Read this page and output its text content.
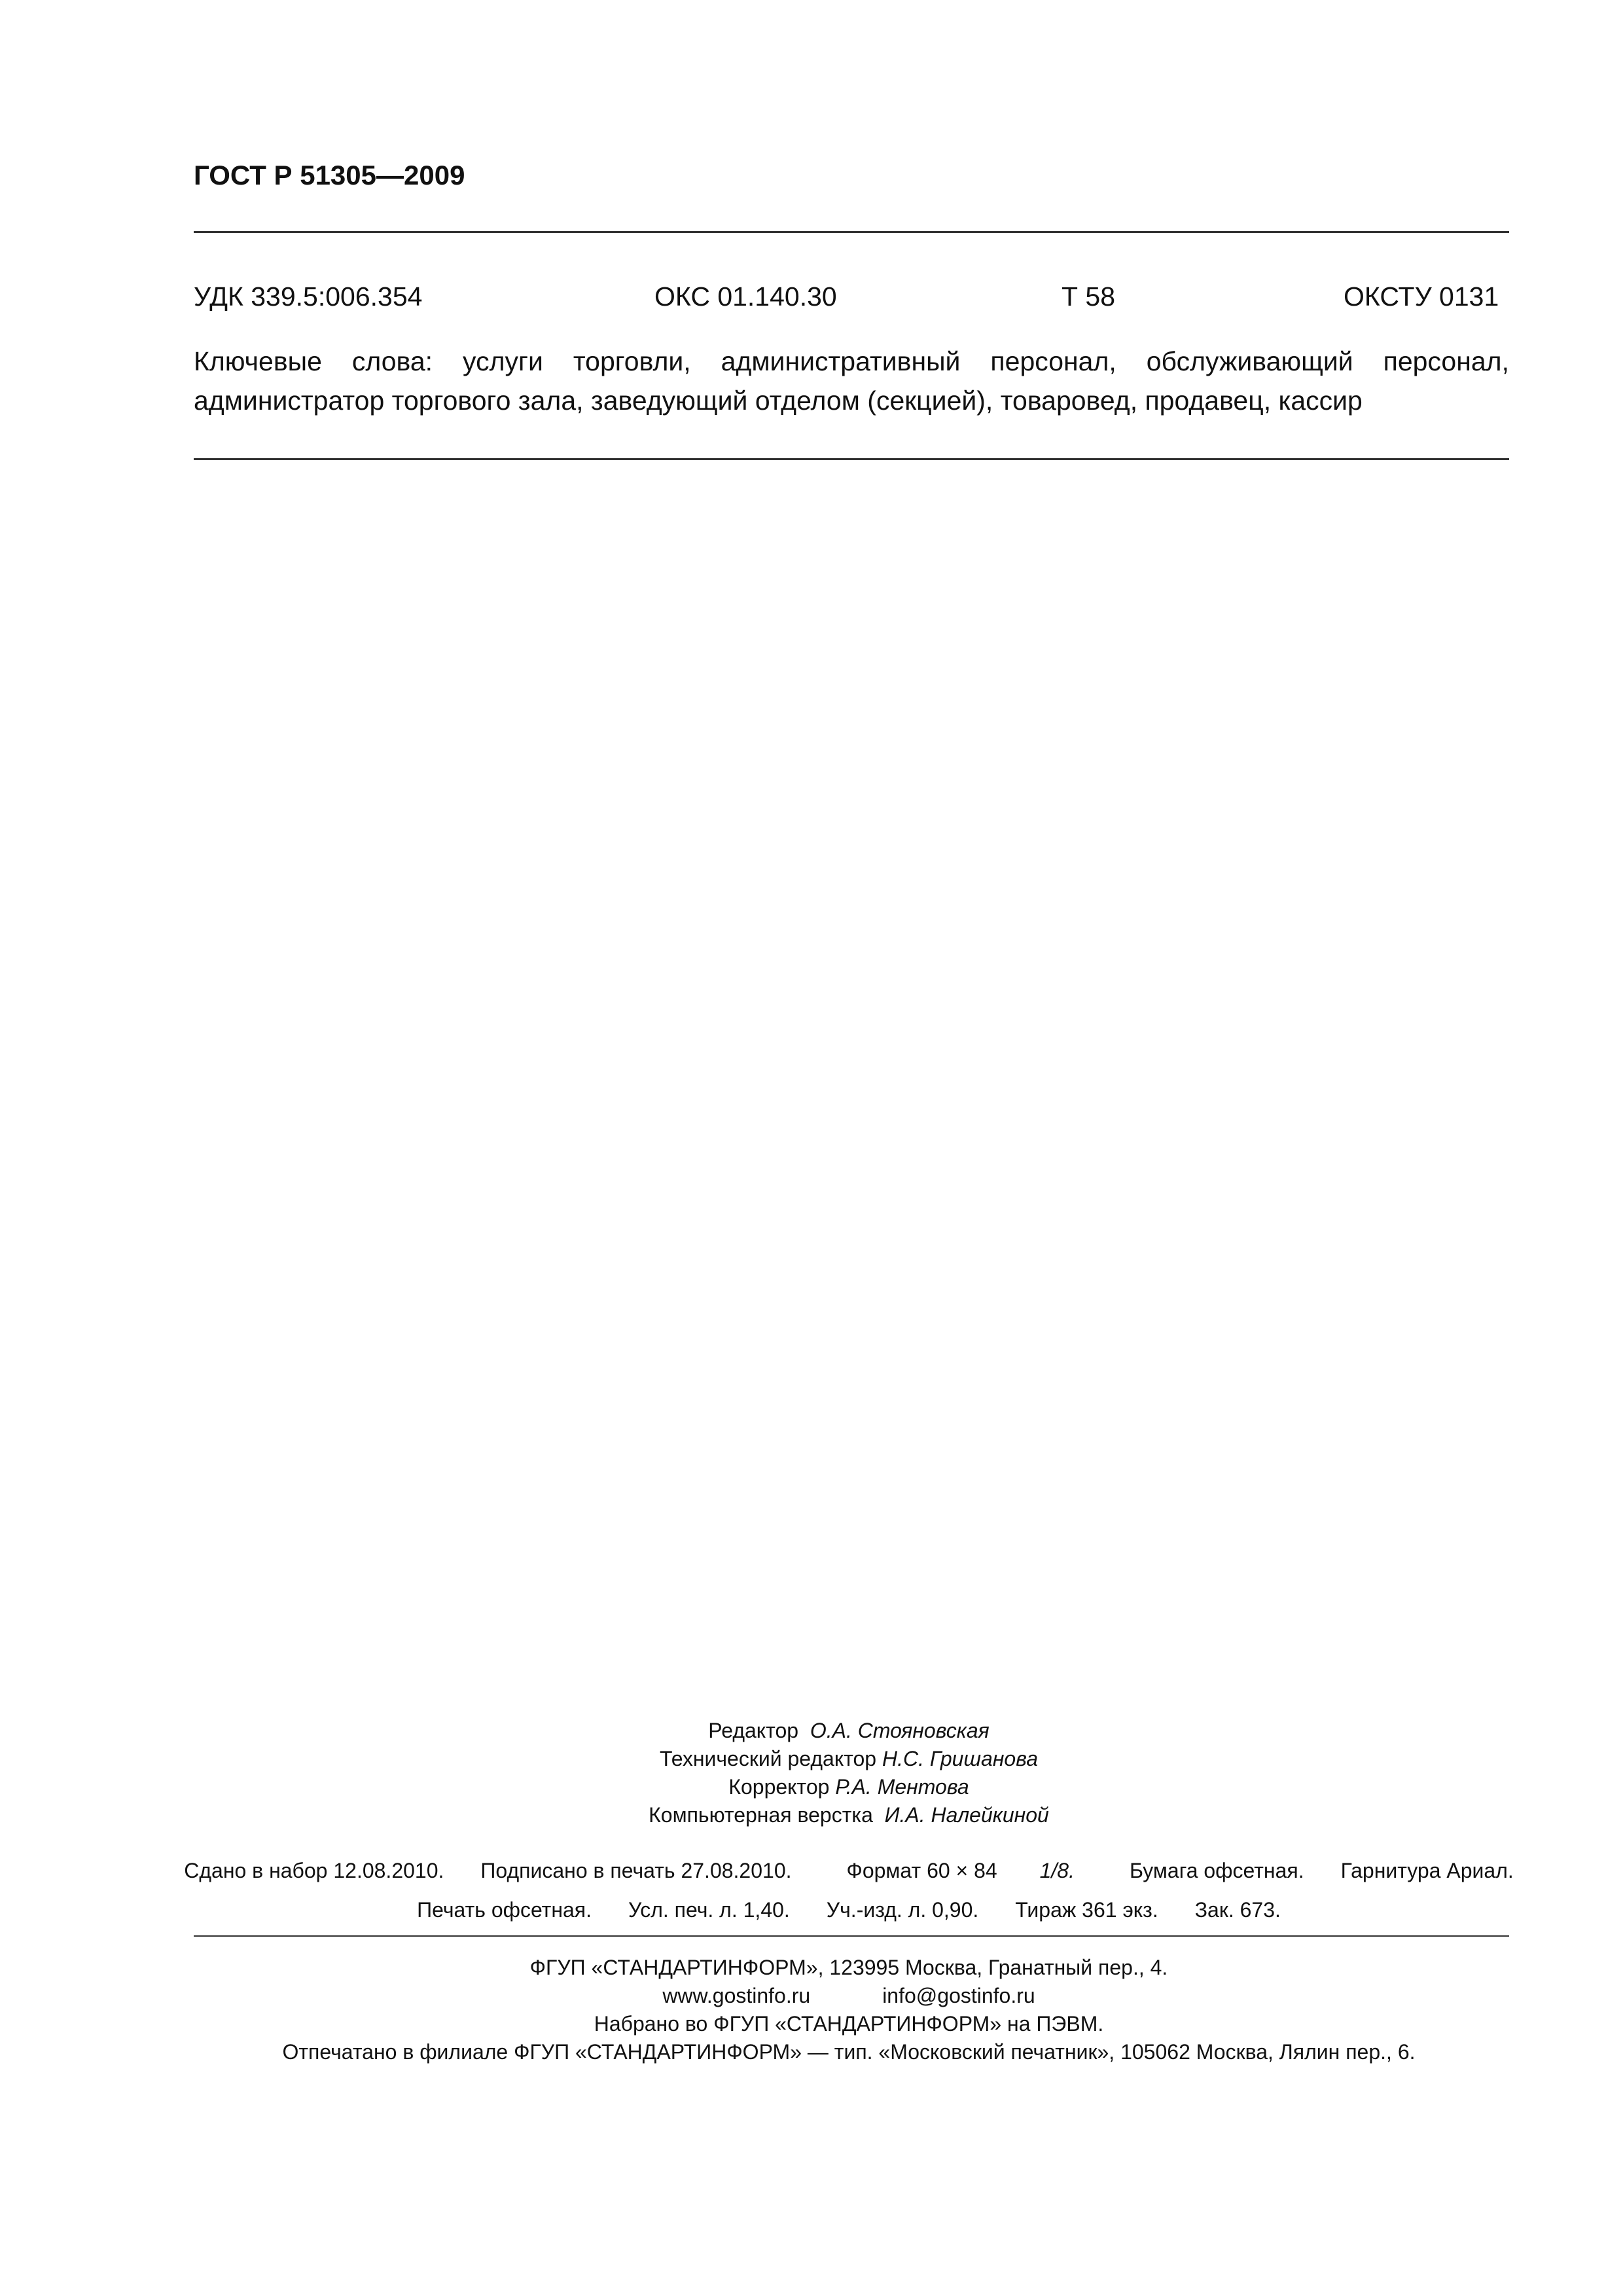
ГОСТ Р 51305—2009
УДК 339.5:006.354	ОКС 01.140.30	Т 58	ОКСТУ 0131
Ключевые слова: услуги торговли, административный персонал, обслуживающий персонал, администратор торгового зала, заведующий отделом (секцией), товаровед, продавец, кассир
Редактор О.А. Стояновская
Технический редактор Н.С. Гришанова
Корректор Р.А. Ментова
Компьютерная верстка И.А. Налейкиной
Сдано в набор 12.08.2010. Подписано в печать 27.08.2010.	Формат 60 × 84 1/8.	Бумага офсетная. Гарнитура Ариал.
Печать офсетная. Усл. печ. л. 1,40. Уч.-изд. л. 0,90. Тираж 361 экз. Зак. 673.
ФГУП «СТАНДАРТИНФОРМ», 123995 Москва, Гранатный пер., 4.
www.gostinfo.ru	info@gostinfo.ru
Набрано во ФГУП «СТАНДАРТИНФОРМ» на ПЭВМ.
Отпечатано в филиале ФГУП «СТАНДАРТИНФОРМ» — тип. «Московский печатник», 105062 Москва, Лялин пер., 6.
